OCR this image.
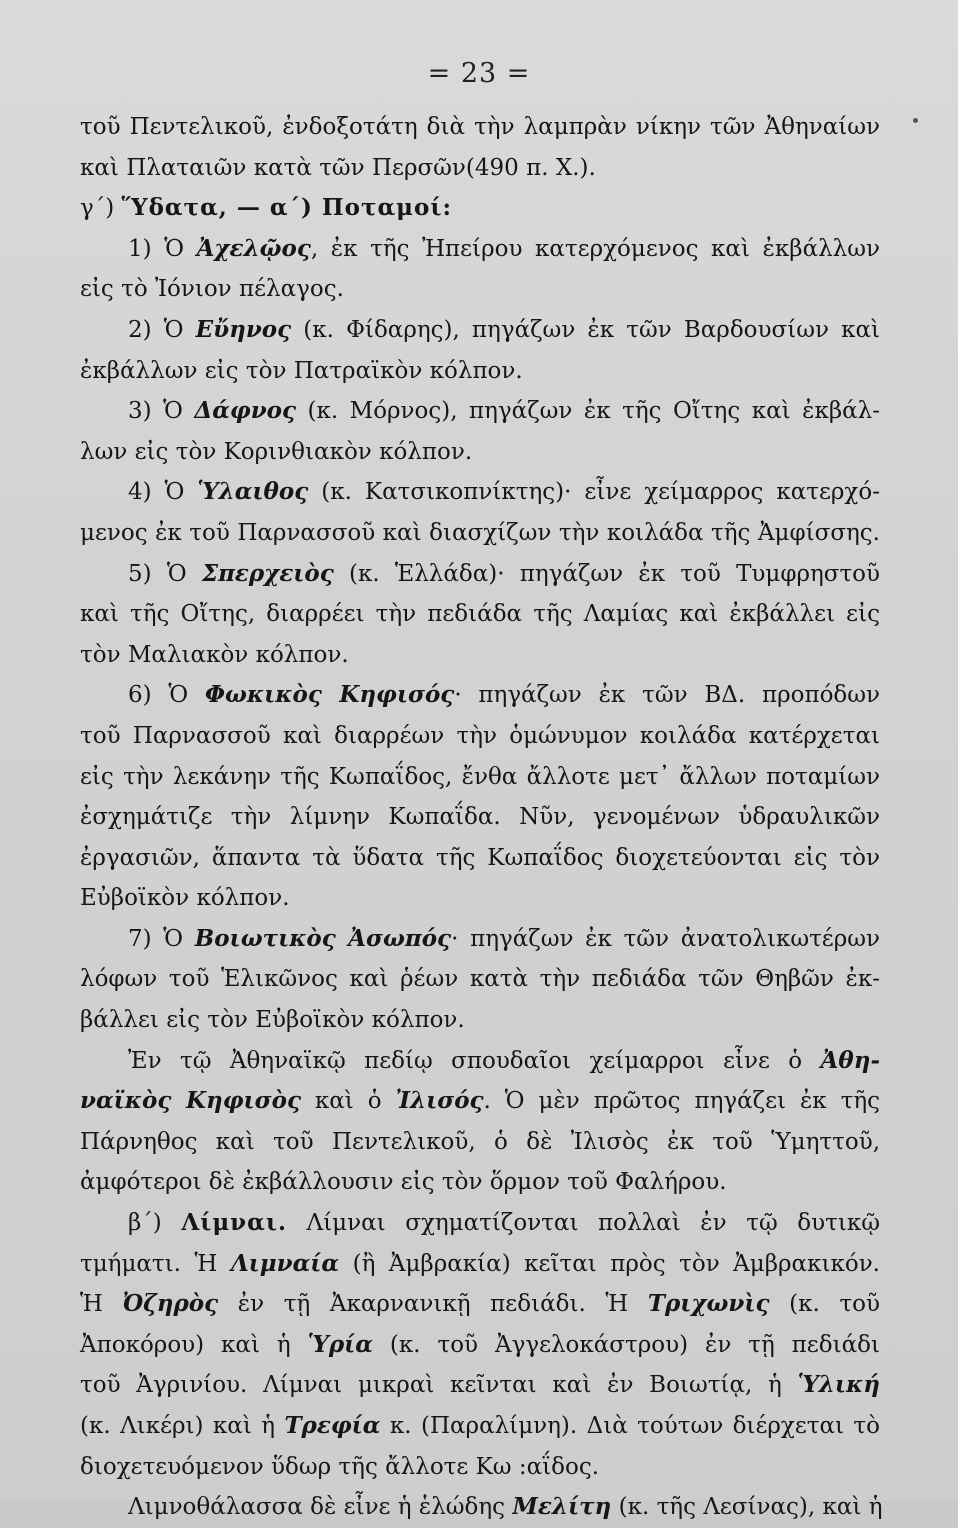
= 23 =
τοῦ Πεντελικοῦ, ἐνδοξοτάτη διὰ τὴν λαμπρὰν νίκην τῶν Ἀθηναίων
καὶ Πλαταιῶν κατὰ τῶν Περσῶν(490 π. Χ.).
γ΄) Ὕδατα, — α΄) Ποταμοί:
1) Ὁ Ἀχελῷος, ἐκ τῆς Ἠπείρου κατερχόμενος καὶ ἐκβάλλων
εἰς τὸ Ἰόνιον πέλαγος.
2) Ὁ Εὔηνος (κ. Φίδαρης), πηγάζων ἐκ τῶν Βαρδουσίων καὶ
ἐκβάλλων εἰς τὸν Πατραϊκὸν κόλπον.
3) Ὁ Δάφνος (κ. Μόρνος), πηγάζων ἐκ τῆς Οἴτης καὶ ἐκβάλ-
λων εἰς τὸν Κορινθιακὸν κόλπον.
4) Ὁ Ὑλαιθος (κ. Κατσικοπνίκτης)· εἶνε χείμαρρος κατερχό-
μενος ἐκ τοῦ Παρνασσοῦ καὶ διασχίζων τὴν κοιλάδα τῆς Ἀμφίσσης.
5) Ὁ Σπερχειὸς (κ. Ἑλλάδα)· πηγάζων ἐκ τοῦ Τυμφρηστοῦ
καὶ τῆς Οἴτης, διαρρέει τὴν πεδιάδα τῆς Λαμίας καὶ ἐκβάλλει εἰς
τὸν Μαλιακὸν κόλπον.
6) Ὁ Φωκικὸς Κηφισός· πηγάζων ἐκ τῶν ΒΔ. προπόδων
τοῦ Παρνασσοῦ καὶ διαρρέων τὴν ὁμώνυμον κοιλάδα κατέρχεται
εἰς τὴν λεκάνην τῆς Κωπαΐδος, ἔνθα ἄλλοτε μετ᾽ ἄλλων ποταμίων
ἐσχημάτιζε τὴν λίμνην Κωπαΐδα. Νῦν, γενομένων ὑδραυλικῶν
ἐργασιῶν, ἅπαντα τὰ ὕδατα τῆς Κωπαΐδος διοχετεύονται εἰς τὸν
Εὐβοϊκὸν κόλπον.
7) Ὁ Βοιωτικὸς Ἀσωπός· πηγάζων ἐκ τῶν ἀνατολικωτέρων
λόφων τοῦ Ἑλικῶνος καὶ ῥέων κατὰ τὴν πεδιάδα τῶν Θηβῶν ἐκ-
βάλλει εἰς τὸν Εὐβοϊκὸν κόλπον.
Ἐν τῷ Ἀθηναϊκῷ πεδίῳ σπουδαῖοι χείμαρροι εἶνε ὁ Ἀθη-
ναϊκὸς Κηφισὸς καὶ ὁ Ἰλισός. Ὁ μὲν πρῶτος πηγάζει ἐκ τῆς
Πάρνηθος καὶ τοῦ Πεντελικοῦ, ὁ δὲ Ἰλισὸς ἐκ τοῦ Ὑμηττοῦ,
ἀμφότεροι δὲ ἐκβάλλουσιν εἰς τὸν ὅρμον τοῦ Φαλήρου.
β΄) Λίμναι. Λίμναι σχηματίζονται πολλαὶ ἐν τῷ δυτικῷ
τμήματι. Ἡ Λιμναία (ἢ Ἀμβρακία) κεῖται πρὸς τὸν Ἀμβρακικόν.
Ἡ Ὀζηρὸς ἐν τῇ Ἀκαρνανικῇ πεδιάδι. Ἡ Τριχωνὶς (κ. τοῦ
Ἀποκόρου) καὶ ἡ Ὑρία (κ. τοῦ Ἀγγελοκάστρου) ἐν τῇ πεδιάδι
τοῦ Ἀγρινίου. Λίμναι μικραὶ κεῖνται καὶ ἐν Βοιωτίᾳ, ἡ Ὑλική
(κ. Λικέρι) καὶ ἡ Τρεφία κ. (Παραλίμνη). Διὰ τούτων διέρχεται τὸ
διοχετευόμενον ὕδωρ τῆς ἄλλοτε Κω :αΐδος.
Λιμνοθάλασσα δὲ εἶνε ἡ ἑλώδης Μελίτη (κ. τῆς Λεσίνας), καὶ ἡ
